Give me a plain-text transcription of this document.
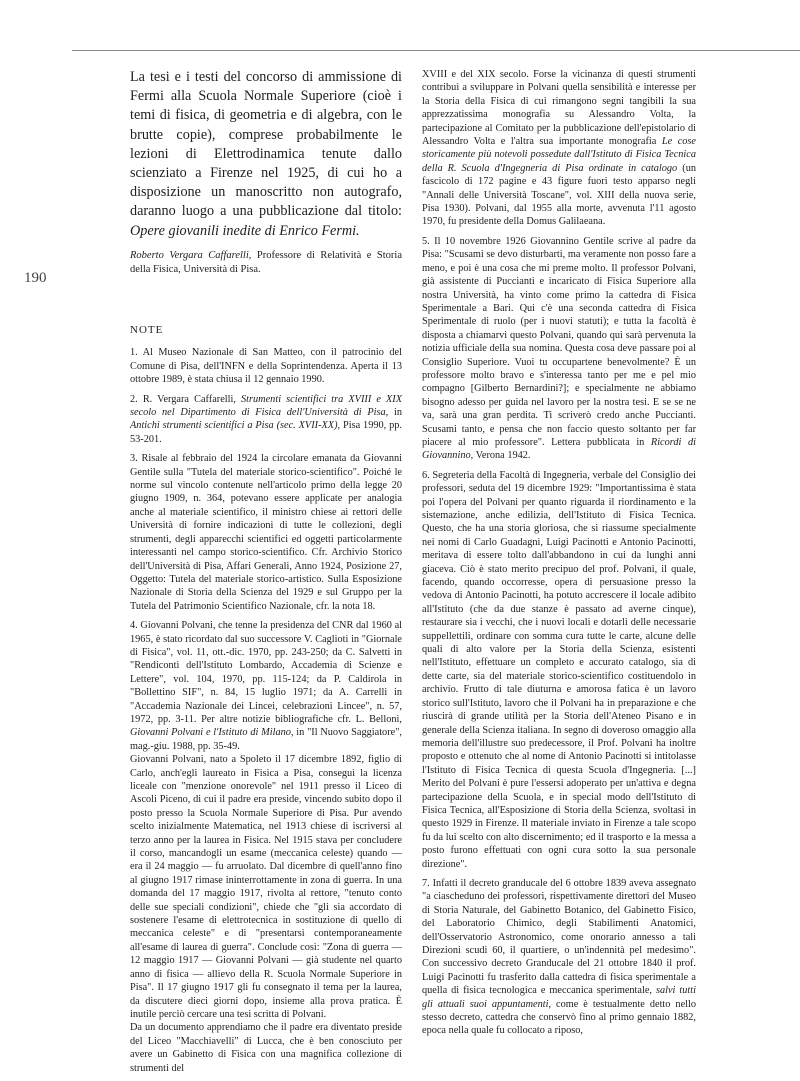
190

La tesi e i testi del concorso di ammissione di Fermi alla Scuola Normale Superiore (cioè i temi di fisica, di geometria e di algebra, con le brutte copie), comprese probabilmente le lezioni di Elettrodinamica tenute dallo scienziato a Firenze nel 1925, di cui ho a disposizione un manoscritto non autografo, daranno luogo a una pubblicazione dal titolo: Opere giovanili inedite di Enrico Fermi.

Roberto Vergara Caffarelli, Professore di Relatività e Storia della Fisica, Università di Pisa.

NOTE

1. Al Museo Nazionale di San Matteo, con il patrocinio del Comune di Pisa, dell'INFN e della Soprintendenza. Aperta il 13 ottobre 1989, è stata chiusa il 12 gennaio 1990.

2. R. Vergara Caffarelli, Strumenti scientifici tra XVIII e XIX secolo nel Dipartimento di Fisica dell'Università di Pisa, in Antichi strumenti scientifici a Pisa (sec. XVII-XX), Pisa 1990, pp. 53-201.

3. Risale al febbraio del 1924 la circolare emanata da Giovanni Gentile sulla "Tutela del materiale storico-scientifico". Poiché le norme sul vincolo contenute nell'articolo primo della legge 20 giugno 1909, n. 364, potevano essere applicate per analogia anche al materiale scientifico, il ministro chiese ai rettori delle Università di fornire indicazioni di tutte le collezioni, degli strumenti, degli apparecchi scientifici ed oggetti particolarmente interessanti nel campo storico-scientifico. Cfr. Archivio Storico dell'Università di Pisa, Affari Generali, Anno 1924, Posizione 27, Oggetto: Tutela del materiale storico-artistico. Sulla Esposizione Nazionale di Storia della Scienza del 1929 e sul Gruppo per la Tutela del Patrimonio Scientifico Nazionale, cfr. la nota 18.

4. Giovanni Polvani, che tenne la presidenza del CNR dal 1960 al 1965, è stato ricordato dal suo successore V. Caglioti in "Giornale di Fisica", vol. 11, ott.-dic. 1970, pp. 243-250; da C. Salvetti in "Rendiconti dell'Istituto Lombardo, Accademia di Scienze e Lettere", vol. 104, 1970, pp. 115-124; da P. Caldirola in "Bollettino SIF", n. 84, 15 luglio 1971; da A. Carrelli in "Accademia Nazionale dei Lincei, celebrazioni Lincee", n. 57, 1972, pp. 3-11. Per altre notizie bibliografiche cfr. L. Belloni, Giovanni Polvani e l'Istituto di Milano, in "Il Nuovo Saggiatore", mag.-giu. 1988, pp. 35-49.

Giovanni Polvani, nato a Spoleto il 17 dicembre 1892, figlio di Carlo, anch'egli laureato in Fisica a Pisa, conseguì la licenza liceale con "menzione onorevole" nel 1911 presso il Liceo di Ascoli Piceno, di cui il padre era preside, vincendo subito dopo il posto presso la Scuola Normale Superiore di Pisa. Pur avendo scelto inizialmente Matematica, nel 1913 chiese di iscriversi al terzo anno per la laurea in Fisica. Nel 1915 stava per concludere il corso, mancandogli un esame (meccanica celeste) quando — era il 24 maggio — fu arruolato. Dal dicembre di quell'anno fino al giugno 1917 rimase ininterrottamente in zona di guerra. In una domanda del 17 maggio 1917, rivolta al rettore, "tenuto conto delle sue speciali condizioni", chiede che "gli sia accordato di sostenere l'esame di elettrotecnica in sostituzione di quello di meccanica celeste" e di "presentarsi contemporaneamente all'esame di laurea di guerra". Conclude così: "Zona di guerra — 12 maggio 1917 — Giovanni Polvani — già studente nel quarto anno di fisica — allievo della R. Scuola Normale Superiore in Pisa". Il 17 giugno 1917 gli fu consegnato il tema per la laurea, da discutere dieci giorni dopo, insieme alla prova pratica. È inutile perciò cercare una tesi scritta di Polvani.

Da un documento apprendiamo che il padre era diventato preside del Liceo "Macchiavelli" di Lucca, che è ben conosciuto per avere un Gabinetto di Fisica con una magnifica collezione di strumenti del

XVIII e del XIX secolo. Forse la vicinanza di questi strumenti contribuì a sviluppare in Polvani quella sensibilità e interesse per la Storia della Fisica di cui rimangono segni tangibili la sua apprezzatissima monografia su Alessandro Volta, la partecipazione al Comitato per la pubblicazione dell'epistolario di Alessandro Volta e l'altra sua importante monografia Le cose storicamente più notevoli possedute dall'Istituto di Fisica Tecnica della R. Scuola d'Ingegneria di Pisa ordinate in catalogo (un fascicolo di 172 pagine e 43 figure fuori testo apparso negli "Annali delle Università Toscane", vol. XIII della nuova serie, Pisa 1930). Polvani, dal 1955 alla morte, avvenuta l'11 agosto 1970, fu presidente della Domus Galilaeana.

5. Il 10 novembre 1926 Giovannino Gentile scrive al padre da Pisa: "Scusami se devo disturbarti, ma veramente non posso fare a meno, e poi è una cosa che mi preme molto. Il professor Polvani, già assistente di Puccianti e incaricato di Fisica Superiore alla nostra Università, ha vinto come primo la cattedra di Fisica Sperimentale a Bari. Qui c'è una seconda cattedra di Fisica Sperimentale di ruolo (per i nuovi statuti); e tutta la facoltà è disposta a chiamarvi questo Polvani, quando qui sarà pervenuta la notizia ufficiale della sua nomina. Questa cosa deve passare poi al Consiglio Superiore. Vuoi tu occupartene benevolmente? È un professore molto bravo e s'interessa tanto per me e pel mio compagno [Gilberto Bernardini?]; e specialmente ne abbiamo bisogno adesso per guida nel lavoro per la nostra tesi. E se se ne va, sarà una gran perdita. Ti scriverò credo anche Puccianti. Scusami tanto, e pensa che non faccio questo soltanto per far piacere al mio professore". Lettera pubblicata in Ricordi di Giovannino, Verona 1942.

6. Segreteria della Facoltà di Ingegneria, verbale del Consiglio dei professori, seduta del 19 dicembre 1929: "Importantissima è stata poi l'opera del Polvani per quanto riguarda il riordinamento e la sistemazione, anche edilizia, dell'Istituto di Fisica Tecnica. Questo, che ha una storia gloriosa, che si riassume specialmente nei nomi di Carlo Guadagni, Luigi Pacinotti e Antonio Pacinotti, meritava di essere tolto dall'abbandono in cui da lunghi anni giaceva. Ciò è stato merito precipuo del prof. Polvani, il quale, facendo, quando occorresse, opera di persuasione presso la vedova di Antonio Pacinotti, ha potuto accrescere il locale adibito all'Istituto (che da due stanze è passato ad averne cinque), restaurare sia i vecchi, che i nuovi locali e dotarli delle necessarie suppellettili, ordinare con somma cura tutte le carte, alcune delle quali di alto valore per la Storia della Scienza, esistenti nell'Istituto, effettuare un completo e accurato catalogo, sia di dette carte, sia del materiale storico-scientifico costituendolo in archivio. Frutto di tale diuturna e amorosa fatica è un lavoro storico sull'Istituto, lavoro che il Polvani ha in preparazione e che riuscirà di grande utilità per la Storia dell'Ateneo Pisano e in generale della Scienza italiana. In segno di doveroso omaggio alla memoria dell'illustre suo predecessore, il Prof. Polvani ha inoltre proposto e ottenuto che al nome di Antonio Pacinotti si intitolasse l'Istituto di Fisica Tecnica di questa Scuola d'Ingegneria. [...] Merito del Polvani è pure l'essersi adoperato per un'attiva e degna partecipazione della Scuola, e in special modo dell'Istituto di Fisica Tecnica, all'Esposizione di Storia della Scienza, svoltasi in questo 1929 in Firenze. Il materiale inviato in Firenze a tale scopo fu da lui scelto con alto discernimento; ed il trasporto e la messa a posto furono effettuati con ogni cura sotto la sua personale direzione".

7. Infatti il decreto granducale del 6 ottobre 1839 aveva assegnato "a ciascheduno dei professori, rispettivamente direttori del Museo di Storia Naturale, del Gabinetto Botanico, del Gabinetto Fisico, del Laboratorio Chimico, degli Stabilimenti Anatomici, dell'Osservatorio Astronomico, come onorario annesso a tali Direzioni scudi 60, il quartiere, o un'indennità pel medesimo". Con successivo decreto Granducale del 21 ottobre 1840 il prof. Luigi Pacinotti fu trasferito dalla cattedra di fisica sperimentale a quella di fisica tecnologica e meccanica sperimentale, salvi tutti gli attuali suoi appuntamenti, come è testualmente detto nello stesso decreto, cattedra che conservò fino al primo gennaio 1882, epoca nella quale fu collocato a riposo,
